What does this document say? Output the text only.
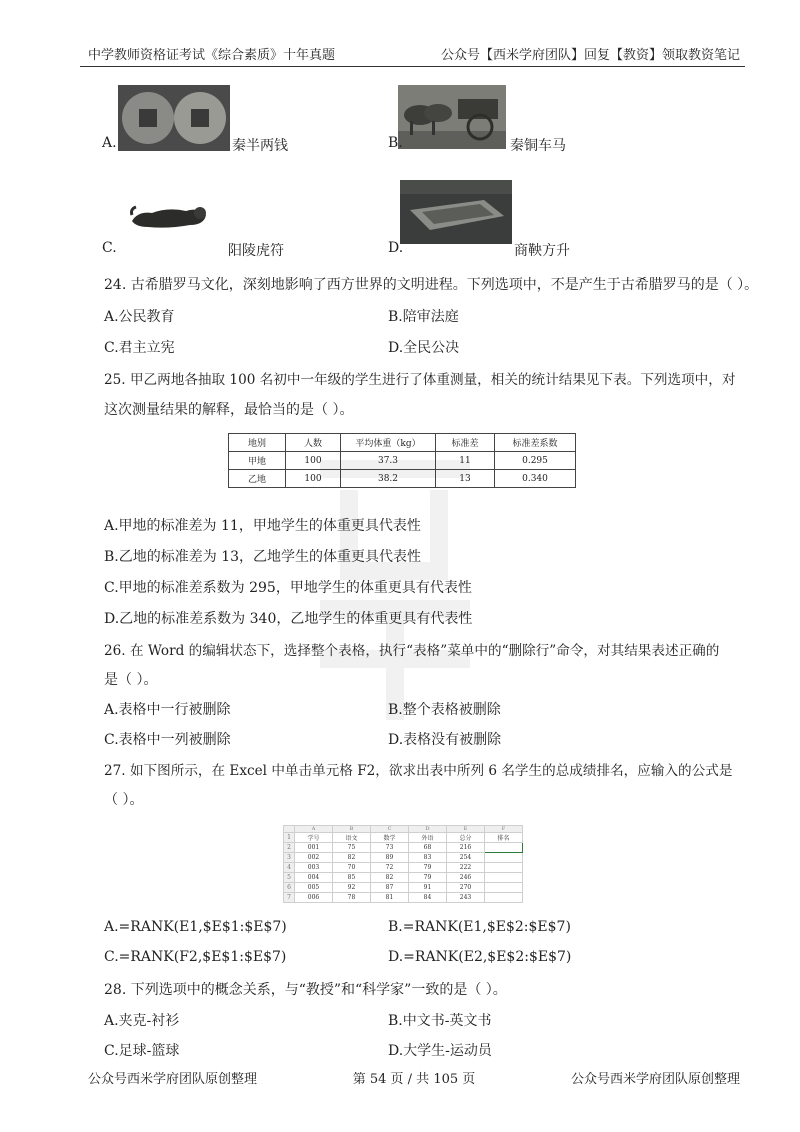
中学教师资格证考试《综合素质》十年真题	公众号【西米学府团队】回复【教资】领取教资笔记
A.	秦半两钱	B.	秦铜车马
C.	阳陵虎符	D.	商鞅方升
24. 古希腊罗马文化，深刻地影响了西方世界的文明进程。下列选项中，不是产生于古希腊罗马的是（ ）。
A.公民教育	B.陪审法庭
C.君主立宪	D.全民公决
25. 甲乙两地各抽取 100 名初中一年级的学生进行了体重测量，相关的统计结果见下表。下列选项中，对
这次测量结果的解释，最恰当的是（ ）。
地别	人数	平均体重（kg）	标准差	标准差系数
甲地	100	37.3	11	0.295
乙地	100	38.2	13	0.340
A.甲地的标准差为 11，甲地学生的体重更具代表性
B.乙地的标准差为 13，乙地学生的体重更具代表性
C.甲地的标准差系数为 295，甲地学生的体重更具有代表性
D.乙地的标准差系数为 340，乙地学生的体重更具有代表性
26. 在 Word 的编辑状态下，选择整个表格，执行“表格”菜单中的“删除行”命令，对其结果表述正确的
是（ ）。
A.表格中一行被删除	B.整个表格被删除
C.表格中一列被删除	D.表格没有被删除
27. 如下图所示，在 Excel 中单击单元格 F2，欲求出表中所列 6 名学生的总成绩排名，应输入的公式是
（ ）。
	A	B	C	D	E	F
1	学号	语文	数学	外语	总分	排名
2	001	75	73	68	216	
3	002	82	89	83	254	
4	003	70	72	79	222	
5	004	85	82	79	246	
6	005	92	87	91	270	
7	006	78	81	84	243	
A.=RANK(E1,$E$1:$E$7)	B.=RANK(E1,$E$2:$E$7)
C.=RANK(F2,$E$1:$E$7)	D.=RANK(E2,$E$2:$E$7)
28. 下列选项中的概念关系，与“教授”和“科学家”一致的是（ ）。
A.夹克-衬衫	B.中文书-英文书
C.足球-篮球	D.大学生-运动员
公众号西米学府团队原创整理	第 54 页 / 共 105 页	公众号西米学府团队原创整理
